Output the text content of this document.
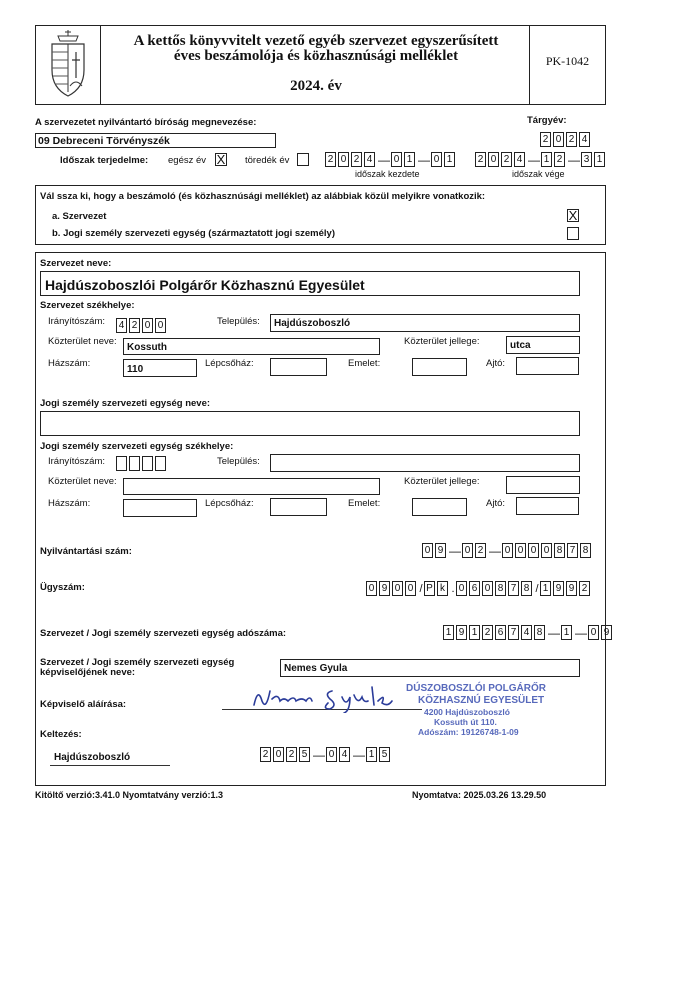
A kettős könyvvitelt vezető egyéb szervezet egyszerűsített
éves beszámolója és közhasznúsági melléklet
2024. év
PK-1042
A szervezetet nyilvántartó bíróság megnevezése:	Tárgyév:
09 Debreceni Törvényszék	2 0 2 4
Időszak terjedelme: egész év X töredék év	2 0 2 4 — 0 1 — 0 1
időszak kezdete
2 0 2 4 — 1 2 — 3 1
időszak vége
Vál ssza ki, hogy a beszámoló (és közhasznúsági melléklet) az alábbiak közül melyikre vonatkozik:
a. Szervezet	X
b. Jogi személy szervezeti egység (származtatott jogi személy)
Szervezet neve:
Hajdúszoboszlói Polgárőr Közhasznú Egyesület
Szervezet székhelye:
Irányítószám: 4 2 0 0	Település: Hajdúszoboszló
Közterület neve:
Kossuth
Közterület jellege:	utca
Házszám:
110
Lépcsőház:	Emelet:	Ajtó:
Jogi személy szervezeti egység neve:
Jogi személy szervezeti egység székhelye:
Irányítószám:	Település:
Közterület neve:	Közterület jellege:
Házszám:	Lépcsőház:	Emelet:	Ajtó:
Nyilvántartási szám:	0 9 — 0 2 — 0 0 0 0 8 7 8
Ügyszám:	0 9 0 0 / P k . 0 6 0 8 7 8 / 1 9 9 2
Szervezet / Jogi személy szervezeti egység adószáma:	1 9 1 2 6 7 4 8 — 1 — 0 9
Szervezet / Jogi személy szervezeti egység
képviselőjének neve:	Nemes Gyula
Képviselő aláírása:
DÚSZOBOSZLÓI POLGÁRŐR
KÖZHASZNÚ EGYESÜLET
4200 Hajdúszoboszló
Kossuth út 110.
Adószám: 19126748-1-09
Keltezés:
Hajdúszoboszló	2 0 2 5 — 0 4 — 1 5
Kitöltő verzió:3.41.0 Nyomtatvány verzió:1.3	Nyomtatva: 2025.03.26 13.29.50
